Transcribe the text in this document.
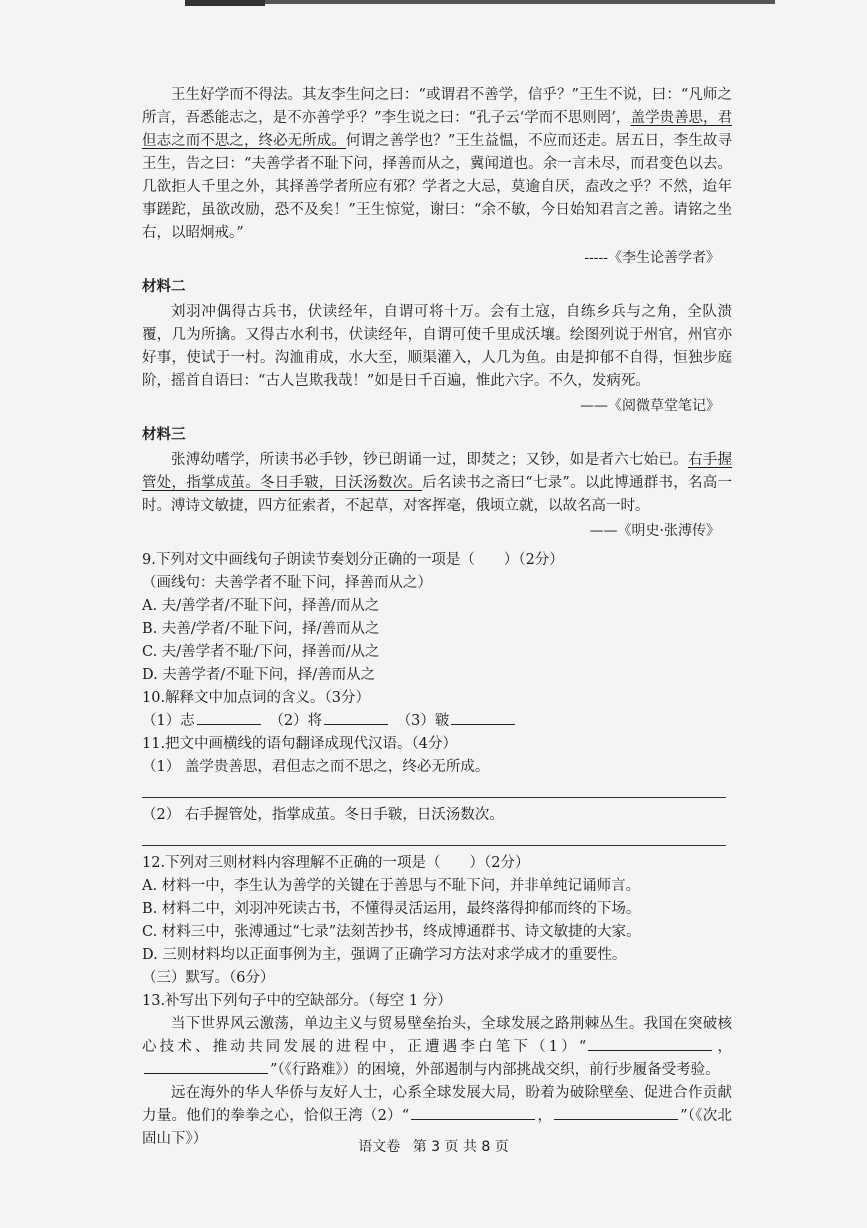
王生好学而不得法。其友李生问之曰：“或谓君不善学，信乎？”王生不说，曰：“凡师之所言，吾悉能志之，是不亦善学乎？”李生说之曰：“孔子云‘学而不思则罔’，盖学贵善思，君但志之而不思之，终必无所成。何谓之善学也？”王生益愠，不应而还走。居五日，李生故寻王生，告之曰：“夫善学者不耻下问，择善而从之，冀闻道也。余一言未尽，而君变色以去。几欲拒人千里之外，其择善学者所应有邪？学者之大忌，莫逾自厌，盍改之乎？不然，迨年事蹉跎，虽欲改励，恐不及矣！”王生惊觉，谢曰：“余不敏，今日始知君言之善。请铭之坐右，以昭炯戒。”

-----《李生论善学者》
材料二

刘羽冲偶得古兵书，伏读经年，自谓可将十万。会有土寇，自练乡兵与之角，全队溃覆，几为所擒。又得古水利书，伏读经年，自谓可使千里成沃壤。绘图列说于州官，州官亦好事，使试于一村。沟洫甫成，水大至，顺渠灌入，人几为鱼。由是抑郁不自得，恒独步庭阶，摇首自语曰：“古人岂欺我哉！”如是日千百遍，惟此六字。不久，发病死。

——《阅微草堂笔记》
材料三

张溥幼嗜学，所读书必手钞，钞已朗诵一过，即焚之；又钞，如是者六七始已。右手握管处，指掌成茧。冬日手皲，日沃汤数次。后名读书之斋曰“七录”。以此博通群书，名高一时。溥诗文敏捷，四方征索者，不起草，对客挥毫，俄顷立就，以故名高一时。

——《明史·张溥传》

9.下列对文中画线句子朗读节奏划分正确的一项是（　　）（2分）

（画线句：夫善学者不耻下问，择善而从之）

A. 夫/善学者/不耻下问，择善/而从之

B. 夫善/学者/不耻下问，择/善而从之

C. 夫/善学者不耻/下问，择善而/从之

D. 夫善学者/不耻下问，择/善而从之

10.解释文中加点词的含义。（3分）

（1）志	（2）将	（3）皲

11.把文中画横线的语句翻译成现代汉语。（4分）

（1） 盖学贵善思，君但志之而不思之，终必无所成。

（2） 右手握管处，指掌成茧。冬日手皲，日沃汤数次。

12.下列对三则材料内容理解不正确的一项是（　　）（2分）

A. 材料一中，李生认为善学的关键在于善思与不耻下问，并非单纯记诵师言。

B. 材料二中，刘羽冲死读古书，不懂得灵活运用，最终落得抑郁而终的下场。

C. 材料三中，张溥通过“七录”法刻苦抄书，终成博通群书、诗文敏捷的大家。

D. 三则材料均以正面事例为主，强调了正确学习方法对求学成才的重要性。

（三）默写。（6分）

13.补写出下列句子中的空缺部分。（每空 1 分）

当下世界风云激荡，单边主义与贸易壁垒抬头，全球发展之路荆棘丛生。我国在突破核心技术、推动共同发展的进程中，正遭遇李白笔下（1）“	，”（《行路难》）的困境，外部遏制与内部挑战交织，前行步履备受考验。

远在海外的华人华侨与友好人士，心系全球发展大局，盼着为破除壁垒、促进合作贡献力量。他们的拳拳之心，恰似王湾（2）“	，	”（《次北固山下》）	语文卷 第 3 页 共 8 页
